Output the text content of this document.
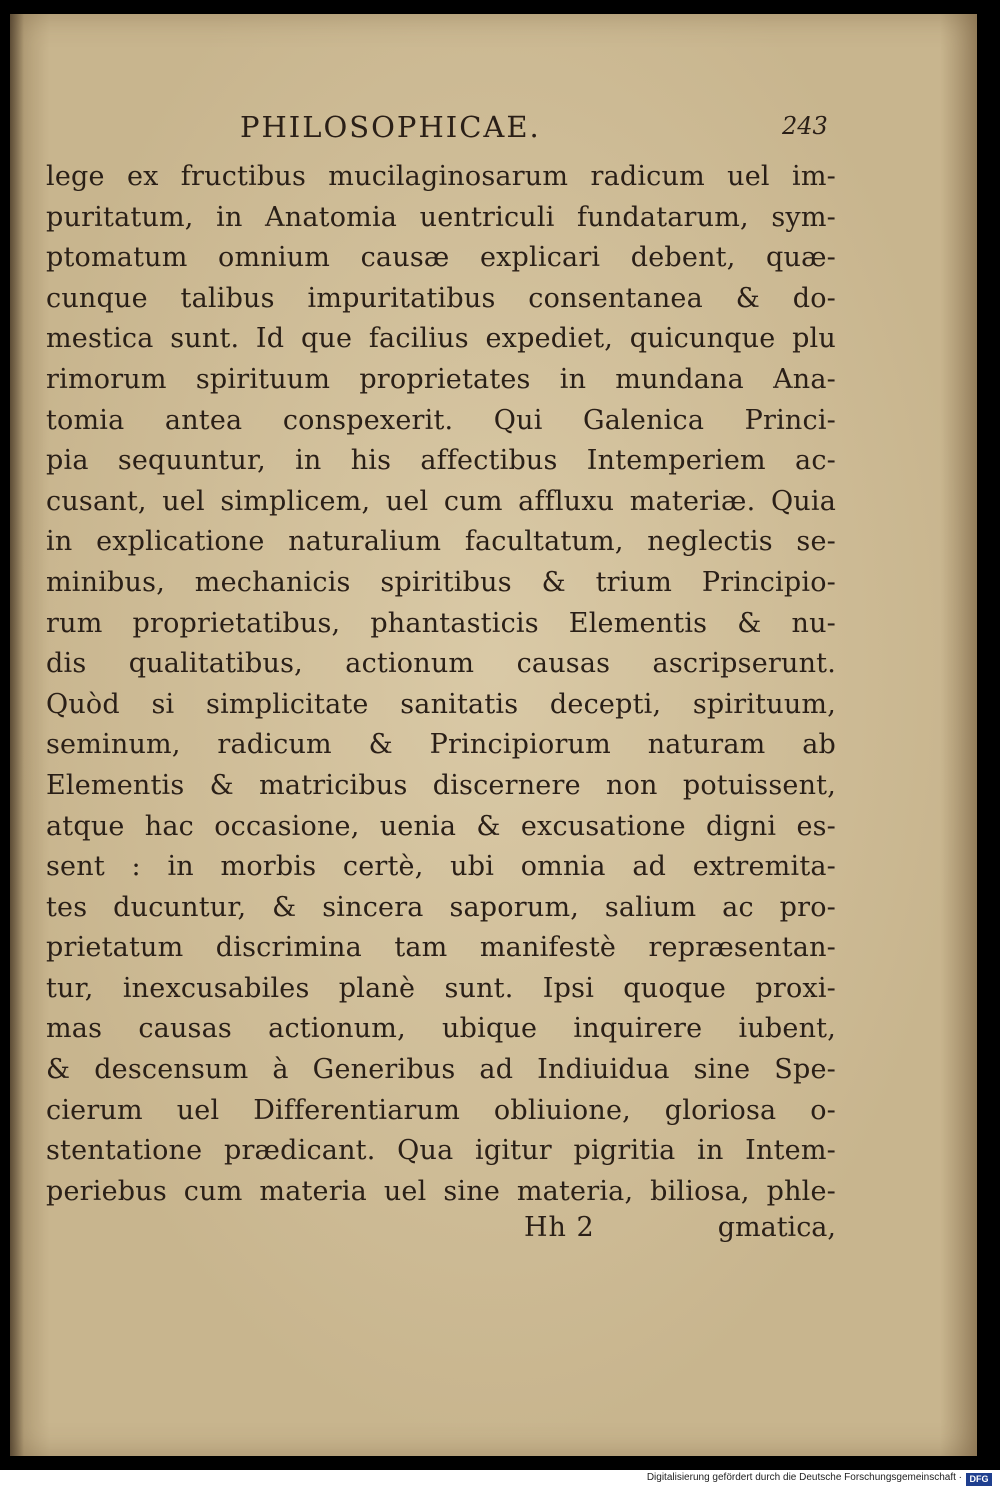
PHILOSOPHICAE.	243
lege ex fructibus mucilaginosarum radicum uel im-
puritatum, in Anatomia uentriculi fundatarum, sym-
ptomatum omnium causæ explicari debent, quæ-
cunque talibus impuritatibus consentanea & do-
mestica sunt. Id que facilius expediet, quicunque plu
rimorum spirituum proprietates in mundana Ana-
tomia antea conspexerit. Qui Galenica Princi-
pia sequuntur, in his affectibus Intemperiem ac-
cusant, uel simplicem, uel cum affluxu materiæ. Quia
in explicatione naturalium facultatum, neglectis se-
minibus, mechanicis spiritibus & trium Principio-
rum proprietatibus, phantasticis Elementis & nu-
dis qualitatibus, actionum causas ascripserunt.
Quòd si simplicitate sanitatis decepti, spirituum,
seminum, radicum & Principiorum naturam ab
Elementis & matricibus discernere non potuissent,
atque hac occasione, uenia & excusatione digni es-
sent : in morbis certè, ubi omnia ad extremita-
tes ducuntur, & sincera saporum, salium ac pro-
prietatum discrimina tam manifestè repræsentan-
tur, inexcusabiles planè sunt. Ipsi quoque proxi-
mas causas actionum, ubique inquirere iubent,
& descensum à Generibus ad Indiuidua sine Spe-
cierum uel Differentiarum obliuione, gloriosa o-
stentatione prædicant. Qua igitur pigritia in Intem-
periebus cum materia uel sine materia, biliosa, phle-
Hh 2	gmatica,
Digitalisierung gefördert durch die Deutsche Forschungsgemeinschaft · DFG
